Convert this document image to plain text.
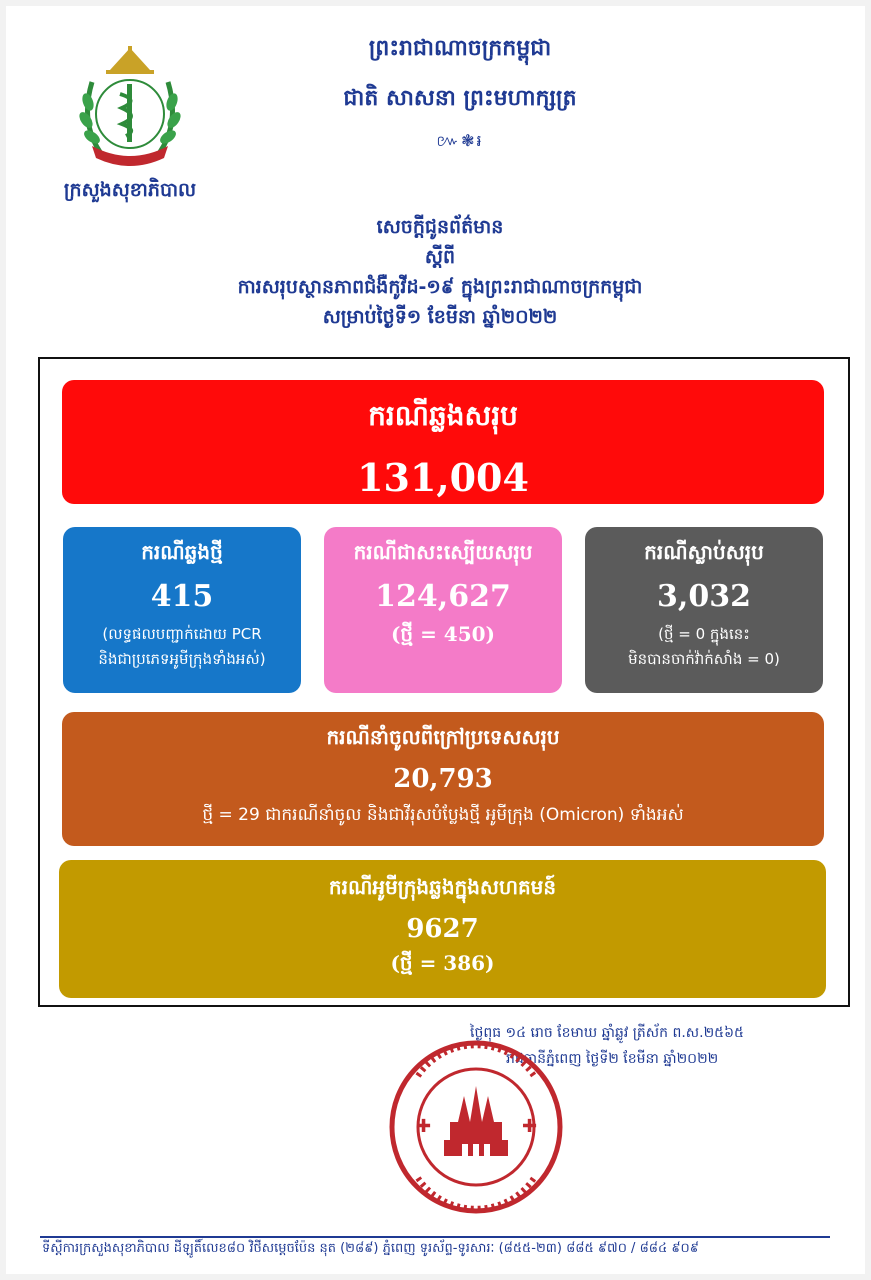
ក្រសួងសុខាភិបាល
ព្រះរាជាណាចក្រកម្ពុជា
ជាតិ សាសនា ព្រះមហាក្សត្រ
៚❃៛
សេចក្តីជូនព័ត៌មាន
ស្តីពី
ការសរុបស្ថានភាពជំងឺកូវីដ-១៩ ក្នុងព្រះរាជាណាចក្រកម្ពុជា
សម្រាប់ថ្ងៃទី១ ខែមីនា ឆ្នាំ២០២២
ករណីឆ្លងសរុប
131,004
ករណីឆ្លងថ្មី
415
(លទ្ធផលបញ្ជាក់ដោយ PCR
និងជាប្រភេទអូមីក្រុងទាំងអស់)
ករណីជាសះស្បើយសរុប
124,627
(ថ្មី = 450)
ករណីស្លាប់សរុប
3,032
(ថ្មី = 0 ក្នុងនេះ
មិនបានចាក់វ៉ាក់សាំង = 0)
ករណីនាំចូលពីក្រៅប្រទេសសរុប
20,793
ថ្មី = 29 ជាករណីនាំចូល និងជាវីរុសបំប្លែងថ្មី អូមីក្រុង (Omicron) ទាំងអស់
ករណីអូមីក្រុងឆ្លងក្នុងសហគមន៍
9627
(ថ្មី = 386)
ថ្ងៃពុធ ១៤ រោច ខែមាឃ ឆ្នាំឆ្លូវ ត្រីស័ក ព.ស.២៥៦៥
រាជធានីភ្នំពេញ ថ្ងៃទី២ ខែមីនា ឆ្នាំ២០២២
✚	✚
ទីស្តីការក្រសួងសុខាភិបាល ដីឡូតិ៍លេខ៨០ វិថីសម្តេចប៉ែន នុត (២៨៩) ភ្នំពេញ ទូរស័ព្ទ-ទូរសារៈ (៨៥៥-២៣) ៨៨៥ ៩៧០ / ៨៨៤ ៩០៩
